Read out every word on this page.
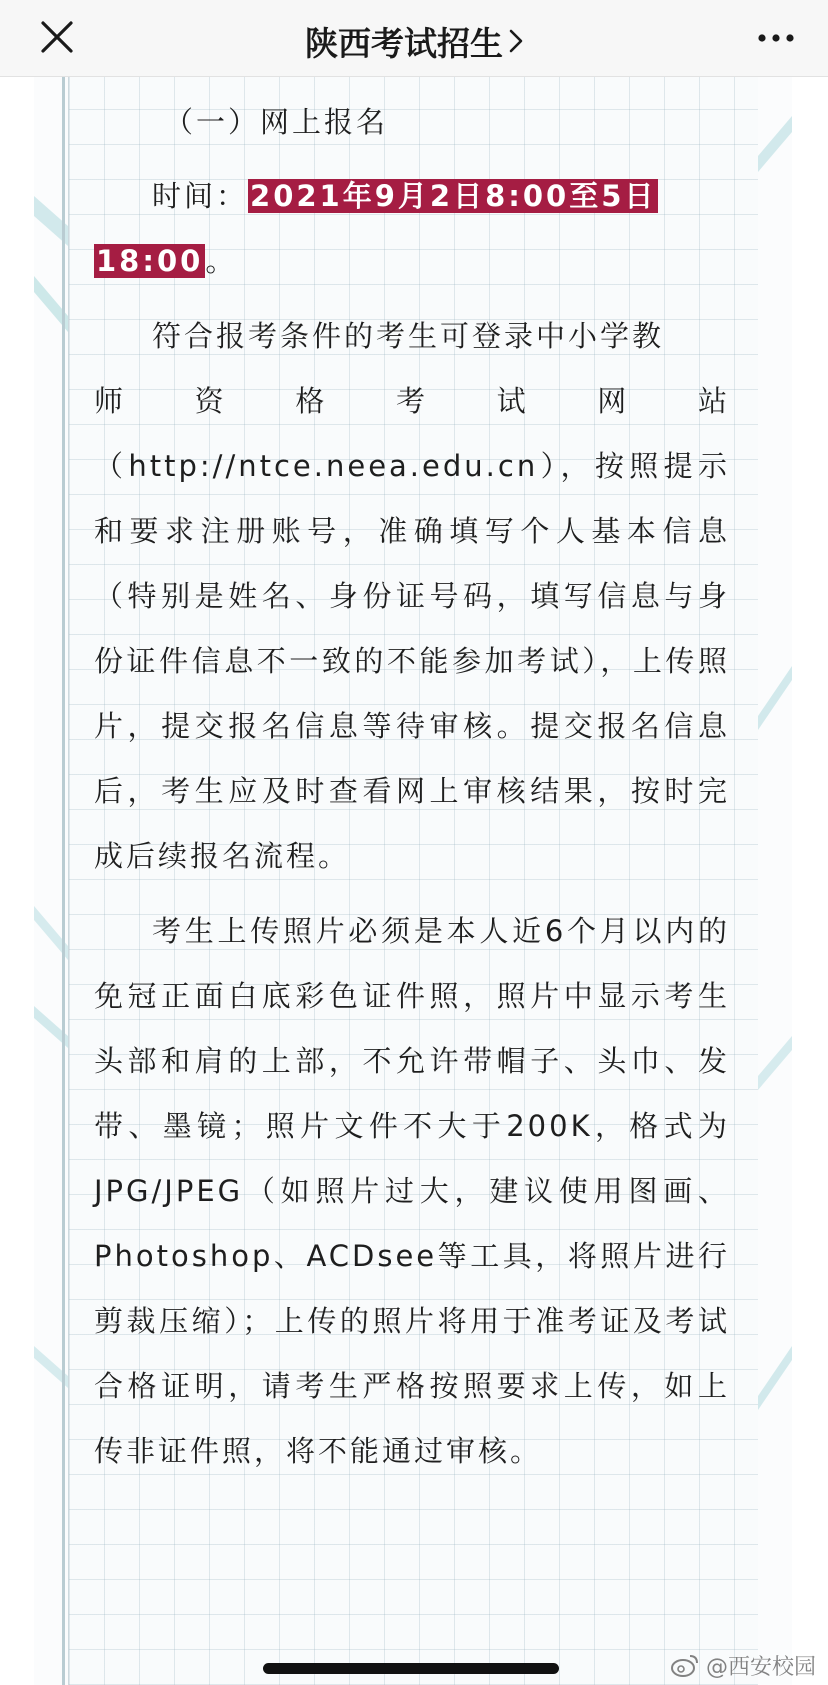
陕西考试招生

（一）网上报名

时间：2021年9月2日8:00至5日
18:00。

符合报考条件的考生可登录中小学教

师 资 格 考 试 网 站

（http://ntce.neea.edu.cn），按照提示和要求注册账号，准确填写个人基本信息（特别是姓名、身份证号码，填写信息与身份证件信息不一致的不能参加考试），上传照片，提交报名信息等待审核。提交报名信息后，考生应及时查看网上审核结果，按时完成后续报名流程。

考生上传照片必须是本人近6个月以内的免冠正面白底彩色证件照，照片中显示考生头部和肩的上部，不允许带帽子、头巾、发带、墨镜；照片文件不大于200K，格式为JPG/JPEG（如照片过大，建议使用图画、Photoshop、ACDsee等工具，将照片进行剪裁压缩）；上传的照片将用于准考证及考试合格证明，请考生严格按照要求上传，如上传非证件照，将不能通过审核。

@西安校园
